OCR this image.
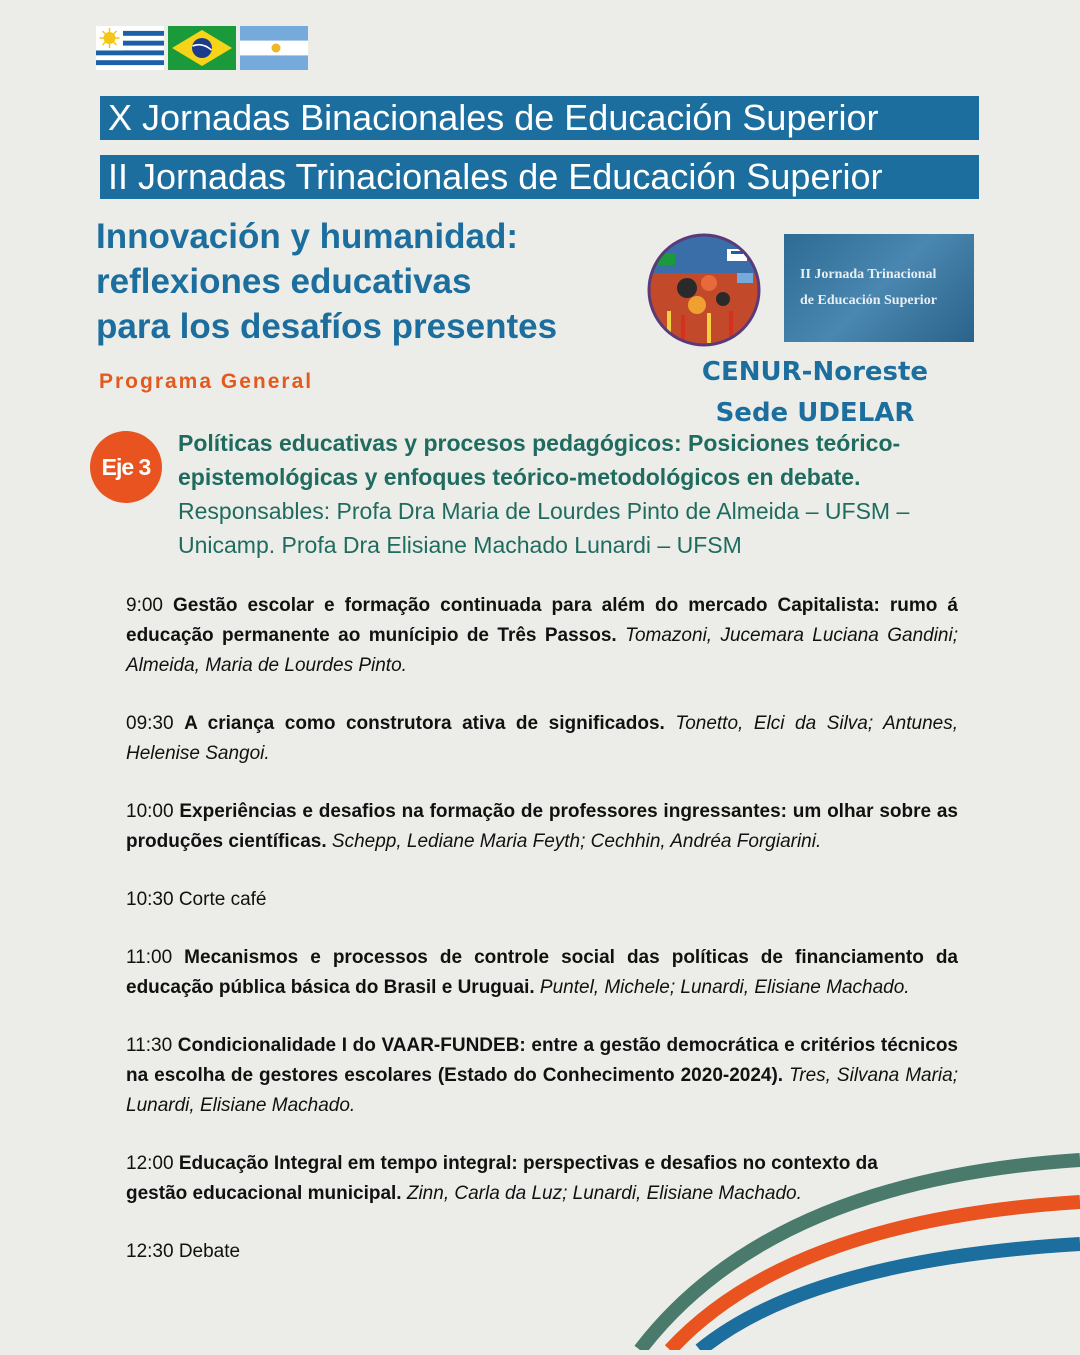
X Jornadas Binacionales de Educación Superior
II Jornadas Trinacionales de Educación Superior
Innovación y humanidad:
reflexiones educativas
para los desafíos presentes
Programa General
II Jornada Trinacional
de Educación Superior
CENUR-Noreste
Sede UDELAR
Eje 3
Políticas educativas y procesos pedagógicos: Posiciones teórico-epistemológicas y enfoques teórico-metodológicos en debate.
Responsables: Profa Dra Maria de Lourdes Pinto de Almeida – UFSM – Unicamp. Profa Dra Elisiane Machado Lunardi – UFSM
9:00 Gestão escolar e formação continuada para além do mercado Capitalista: rumo á educação permanente ao munícipio de Três Passos. Tomazoni, Jucemara Luciana Gandini; Almeida, Maria de Lourdes Pinto.
09:30 A criança como construtora ativa de significados. Tonetto, Elci da Silva; Antunes, Helenise Sangoi.
10:00 Experiências e desafios na formação de professores ingressantes: um olhar sobre as produções científicas. Schepp, Lediane Maria Feyth; Cechhin, Andréa Forgiarini.
10:30 Corte café
11:00 Mecanismos e processos de controle social das políticas de financiamento da educação pública básica do Brasil e Uruguai. Puntel, Michele; Lunardi, Elisiane Machado.
11:30 Condicionalidade I do VAAR-FUNDEB: entre a gestão democrática e critérios técnicos na escolha de gestores escolares (Estado do Conhecimento 2020-2024). Tres, Silvana Maria; Lunardi, Elisiane Machado.
12:00 Educação Integral em tempo integral: perspectivas e desafios no contexto da gestão educacional municipal. Zinn, Carla da Luz; Lunardi, Elisiane Machado.
12:30 Debate
